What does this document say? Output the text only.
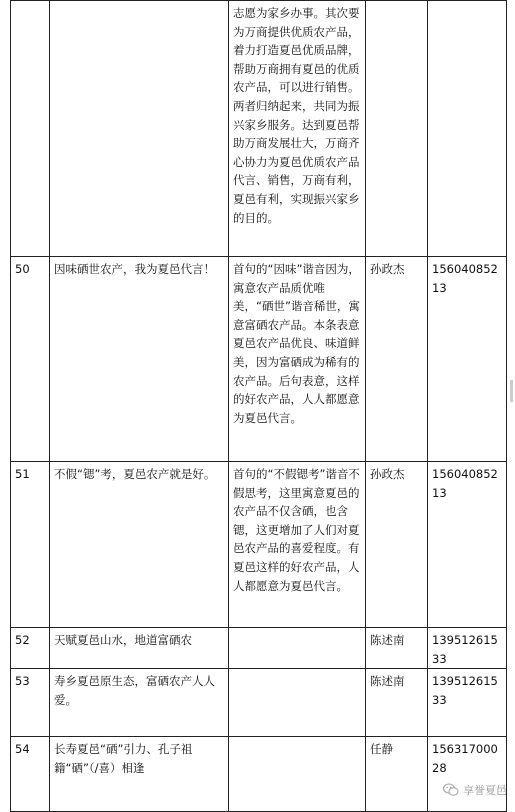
		志愿为家乡办事。其次要为万商提供优质农产品，着力打造夏邑优质品牌，帮助万商拥有夏邑的优质农产品，可以进行销售。两者归纳起来，共同为振兴家乡服务。达到夏邑帮助万商发展壮大，万商齐心协力为夏邑优质农产品代言、销售，万商有利，夏邑有利，实现振兴家乡的目的。		
50	因味硒世农产，我为夏邑代言！	首句的“因味”谐音因为，寓意农产品质优唯美，“硒世”谐音稀世，寓意富硒农产品。本条表意夏邑农产品优良、味道鲜美，因为富硒成为稀有的农产品。后句表意，这样的好农产品，人人都愿意为夏邑代言。	孙政杰	15604085213
51	不假“锶”考，夏邑农产就是好。	首句的“不假锶考”谐音不假思考，这里寓意夏邑的农产品不仅含硒，也含锶，这更增加了人们对夏邑农产品的喜爱程度。有夏邑这样的好农产品，人人都愿意为夏邑代言。	孙政杰	15604085213
52	天赋夏邑山水，地道富硒农		陈述南	13951261533
53	寿乡夏邑原生态，富硒农产人人爱。		陈述南	13951261533
54	长寿夏邑“硒”引力、孔子祖籍“硒”（/喜）相逢		任静	15631700028
享誉夏邑
